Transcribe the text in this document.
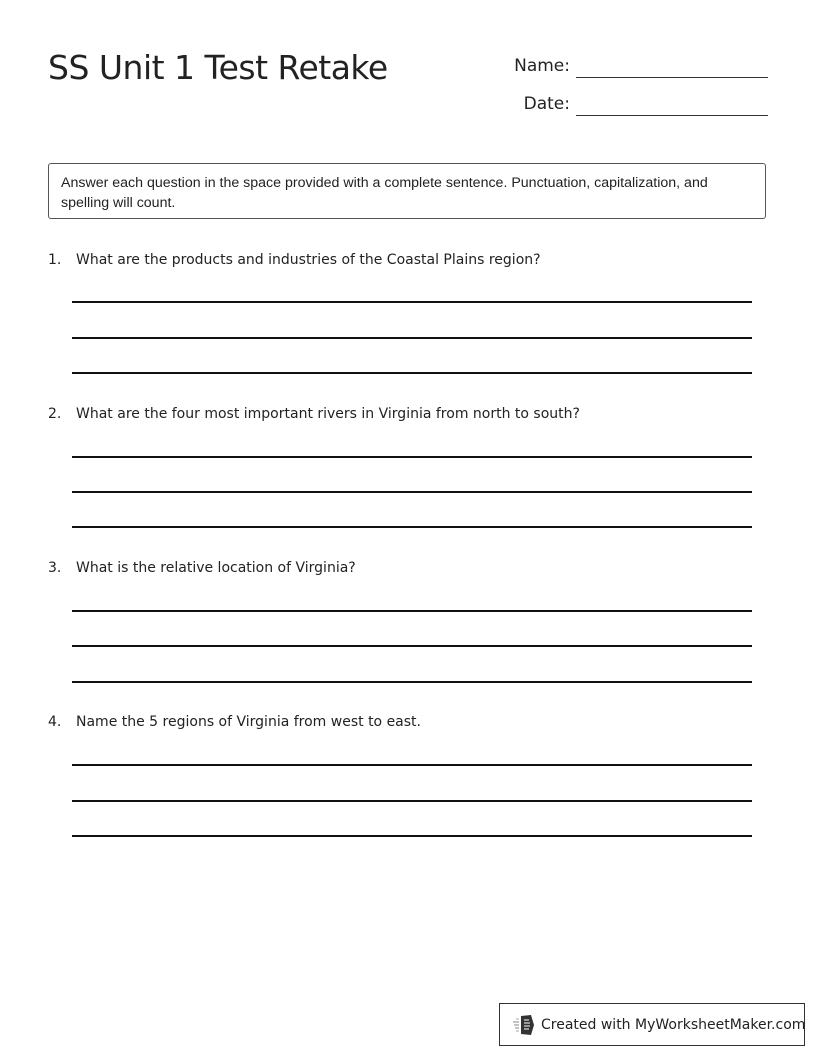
SS Unit 1 Test Retake	Name:
Date:
Answer each question in the space provided with a complete sentence. Punctuation, capitalization, and spelling will count.
1. What are the products and industries of the Coastal Plains region?
2. What are the four most important rivers in Virginia from north to south?
3. What is the relative location of Virginia?
4. Name the 5 regions of Virginia from west to east.
Created with MyWorksheetMaker.com
